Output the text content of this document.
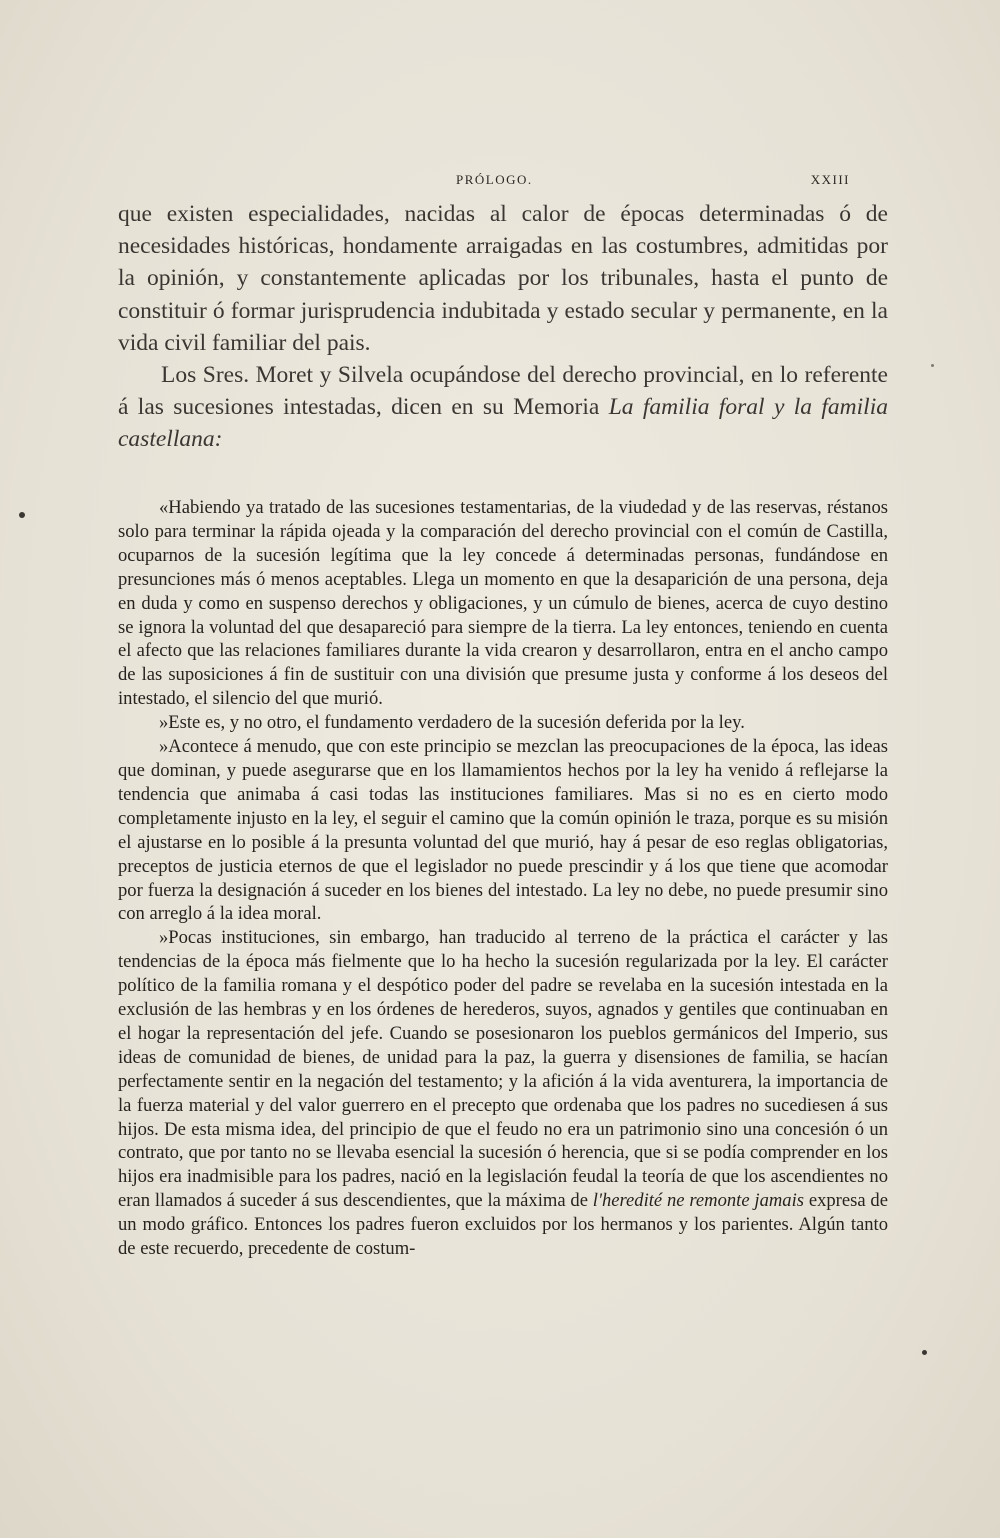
PRÓLOGO.	XXIII

que existen especialidades, nacidas al calor de épocas determinadas ó de necesidades históricas, hondamente arraigadas en las costumbres, admitidas por la opinión, y constantemente aplicadas por los tribunales, hasta el punto de constituir ó formar jurisprudencia indubitada y estado secular y permanente, en la vida civil familiar del pais.

Los Sres. Moret y Silvela ocupándose del derecho provincial, en lo referente á las sucesiones intestadas, dicen en su Memoria La familia foral y la familia castellana:

«Habiendo ya tratado de las sucesiones testamentarias, de la viudedad y de las reservas, réstanos solo para terminar la rápida ojeada y la comparación del derecho provincial con el común de Castilla, ocuparnos de la sucesión legítima que la ley concede á determinadas personas, fundándose en presunciones más ó menos aceptables. Llega un momento en que la desaparición de una persona, deja en duda y como en suspenso derechos y obligaciones, y un cúmulo de bienes, acerca de cuyo destino se ignora la voluntad del que desapareció para siempre de la tierra. La ley entonces, teniendo en cuenta el afecto que las relaciones familiares durante la vida crearon y desarrollaron, entra en el ancho campo de las suposiciones á fin de sustituir con una división que presume justa y conforme á los deseos del intestado, el silencio del que murió.

»Este es, y no otro, el fundamento verdadero de la sucesión deferida por la ley.

»Acontece á menudo, que con este principio se mezclan las preocupaciones de la época, las ideas que dominan, y puede asegurarse que en los llamamientos hechos por la ley ha venido á reflejarse la tendencia que animaba á casi todas las instituciones familiares. Mas si no es en cierto modo completamente injusto en la ley, el seguir el camino que la común opinión le traza, porque es su misión el ajustarse en lo posible á la presunta voluntad del que murió, hay á pesar de eso reglas obligatorias, preceptos de justicia eternos de que el legislador no puede prescindir y á los que tiene que acomodar por fuerza la designación á suceder en los bienes del intestado. La ley no debe, no puede presumir sino con arreglo á la idea moral.

»Pocas instituciones, sin embargo, han traducido al terreno de la práctica el carácter y las tendencias de la época más fielmente que lo ha hecho la sucesión regularizada por la ley. El carácter político de la familia romana y el despótico poder del padre se revelaba en la sucesión intestada en la exclusión de las hembras y en los órdenes de herederos, suyos, agnados y gentiles que continuaban en el hogar la representación del jefe. Cuando se posesionaron los pueblos germánicos del Imperio, sus ideas de comunidad de bienes, de unidad para la paz, la guerra y disensiones de familia, se hacían perfectamente sentir en la negación del testamento; y la afición á la vida aventurera, la importancia de la fuerza material y del valor guerrero en el precepto que ordenaba que los padres no sucediesen á sus hijos. De esta misma idea, del principio de que el feudo no era un patrimonio sino una concesión ó un contrato, que por tanto no se llevaba esencial la sucesión ó herencia, que si se podía comprender en los hijos era inadmisible para los padres, nació en la legislación feudal la teoría de que los ascendientes no eran llamados á suceder á sus descendientes, que la máxima de l'heredité ne remonte jamais expresa de un modo gráfico. Entonces los padres fueron excluidos por los hermanos y los parientes. Algún tanto de este recuerdo, precedente de costum-
